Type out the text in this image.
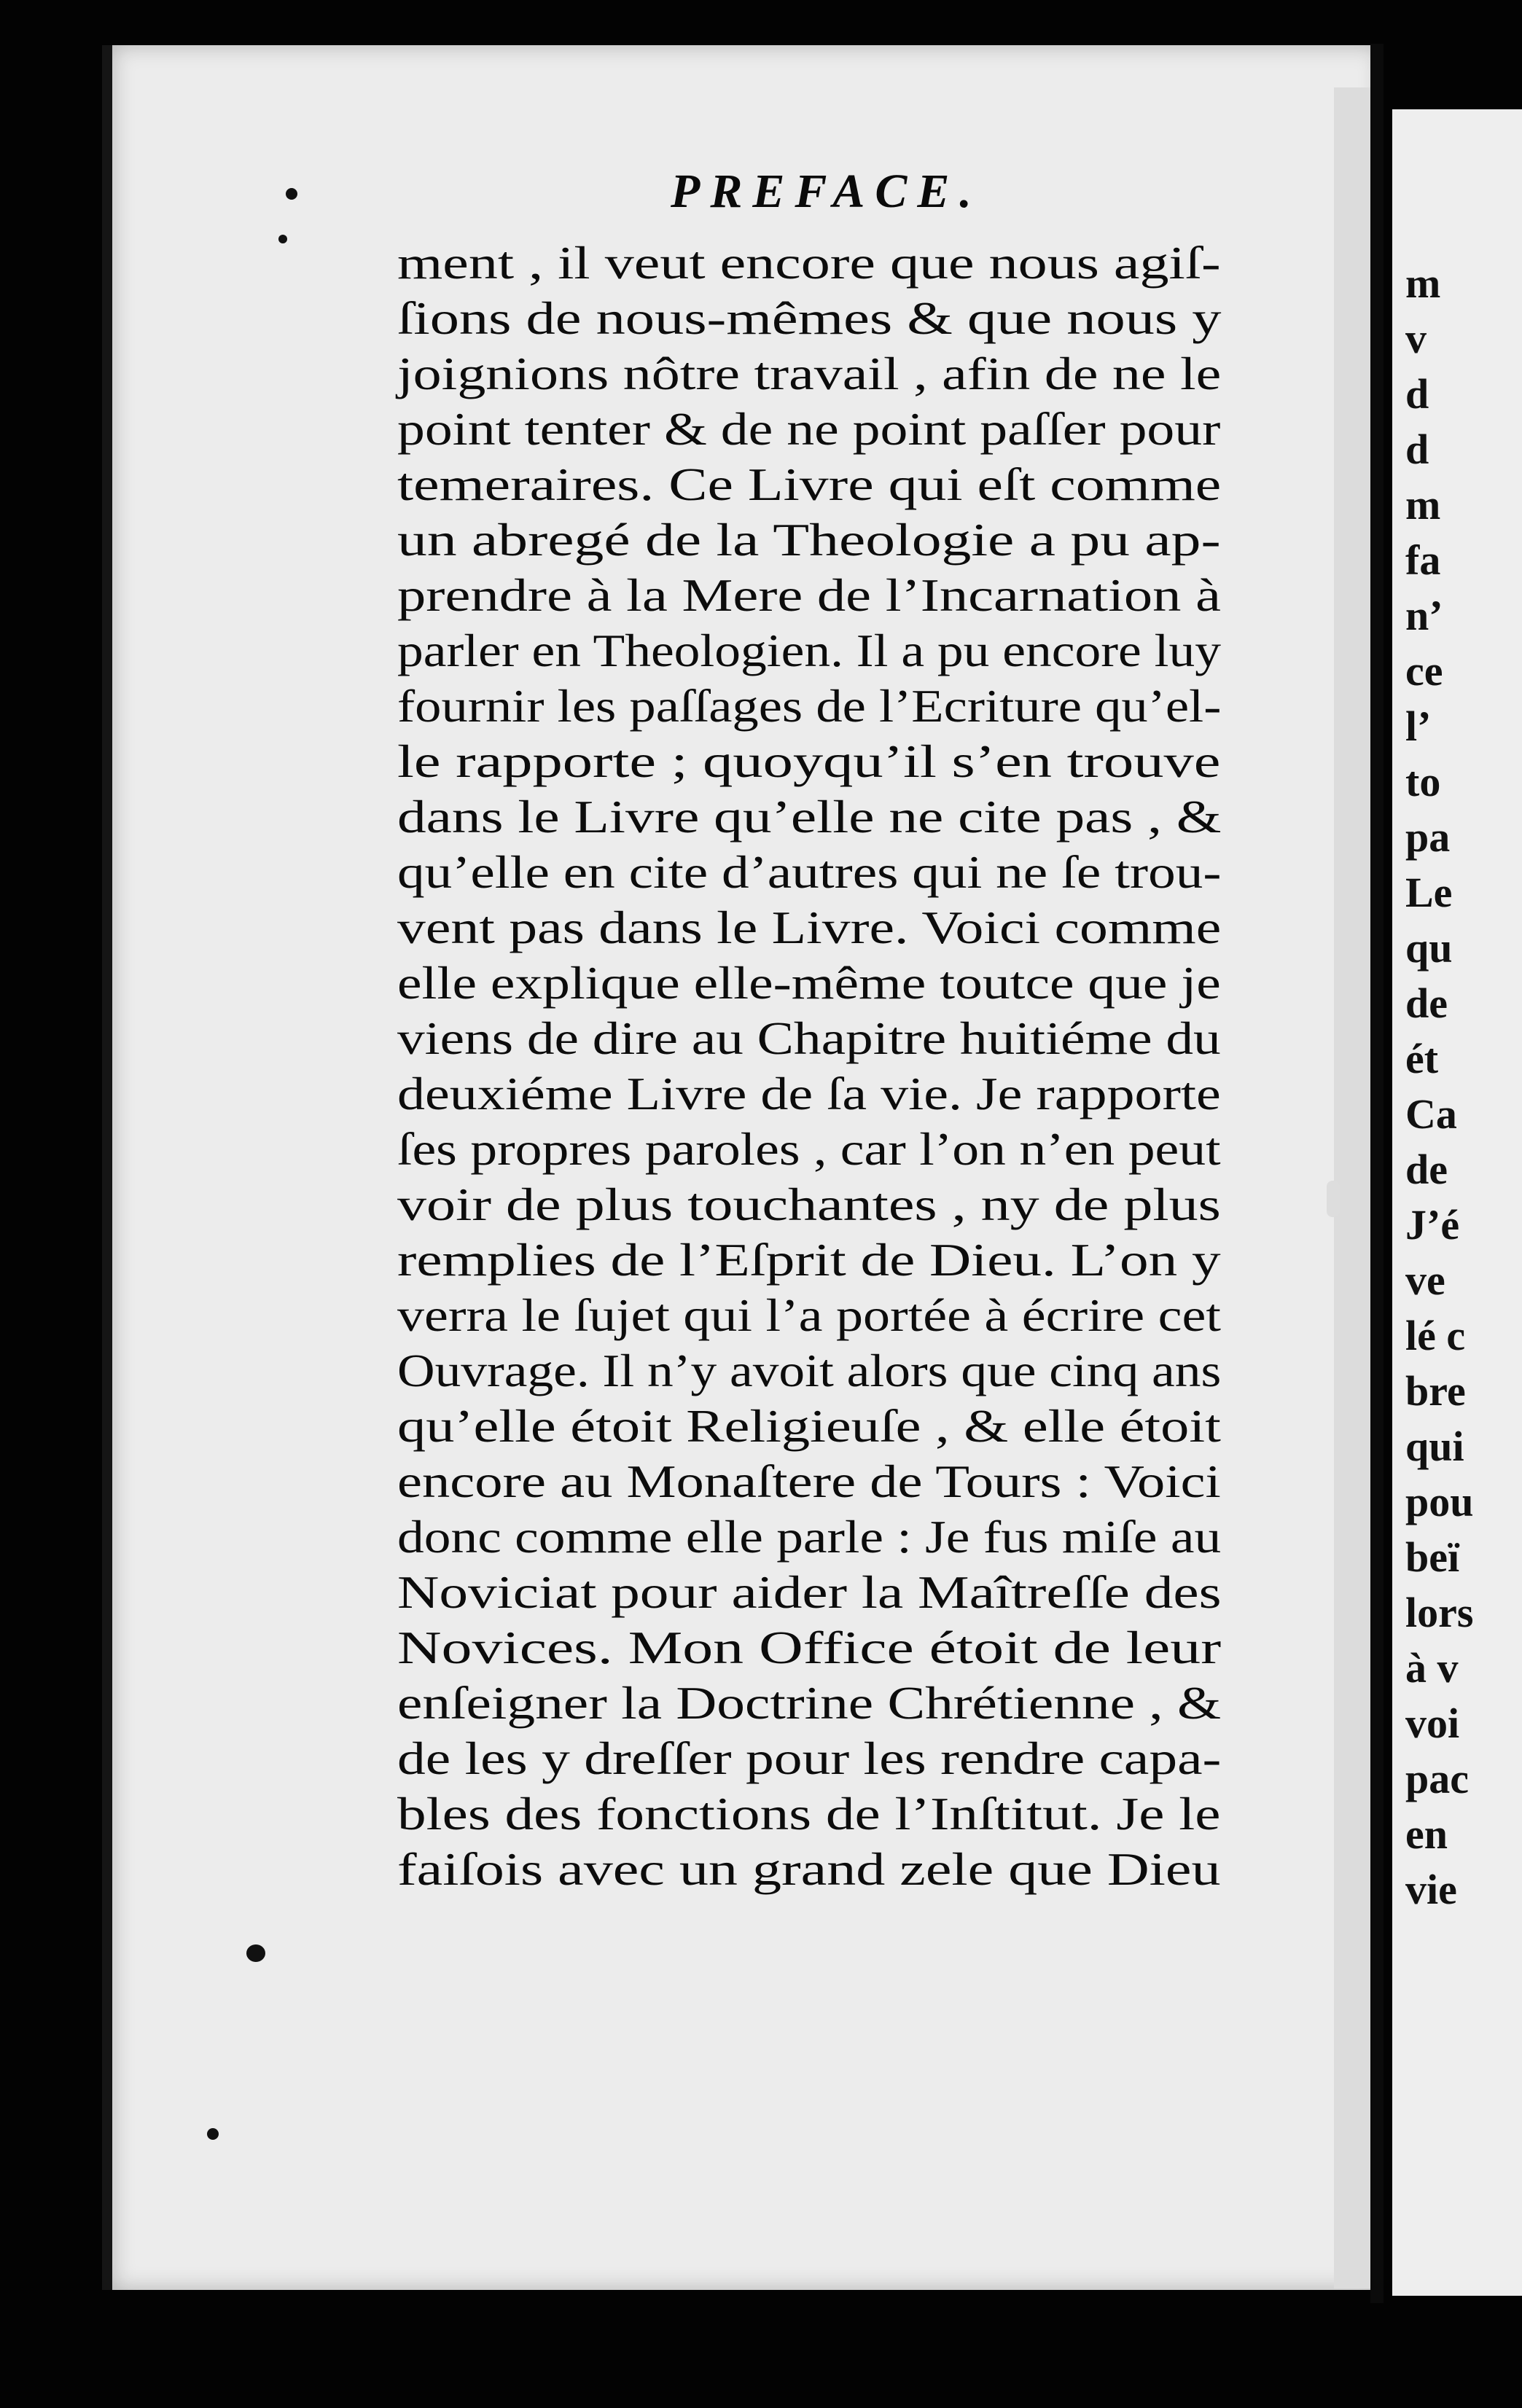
m
v
d
d
m
fa
n’
ce
l’
to
pa
Le
qu
de
ét
Ca
de
J’é
ve
lé c
bre
qui
pou
beï
lors
à v
voi
pac
en
vie
PREFACE.
ment , il veut encore que nous agiſ-
ſions de nous-mêmes & que nous y
joignions nôtre travail , afin de ne le
point tenter & de ne point paſſer pour
temeraires. Ce Livre qui eſt comme
un abregé de la Theologie a pu ap-
prendre à la Mere de l’Incarnation à
parler en Theologien. Il a pu encore luy
fournir les paſſages de l’Ecriture qu’el-
le rapporte ; quoyqu’il s’en trouve
dans le Livre qu’elle ne cite pas , &
qu’elle en cite d’autres qui ne ſe trou-
vent pas dans le Livre. Voici comme
elle explique elle-même toutce que je
viens de dire au Chapitre huitiéme du
deuxiéme Livre de ſa vie. Je rapporte
ſes propres paroles , car l’on n’en peut
voir de plus touchantes , ny de plus
remplies de l’Eſprit de Dieu. L’on y
verra le ſujet qui l’a portée à écrire cet
Ouvrage. Il n’y avoit alors que cinq ans
qu’elle étoit Religieuſe , & elle étoit
encore au Monaſtere de Tours : Voici
donc comme elle parle : Je fus miſe au
Noviciat pour aider la Maîtreſſe des
Novices. Mon Office étoit de leur
enſeigner la Doctrine Chrétienne , &
de les y dreſſer pour les rendre capa-
bles des fonctions de l’Inſtitut. Je le
faiſois avec un grand zele que Dieu
